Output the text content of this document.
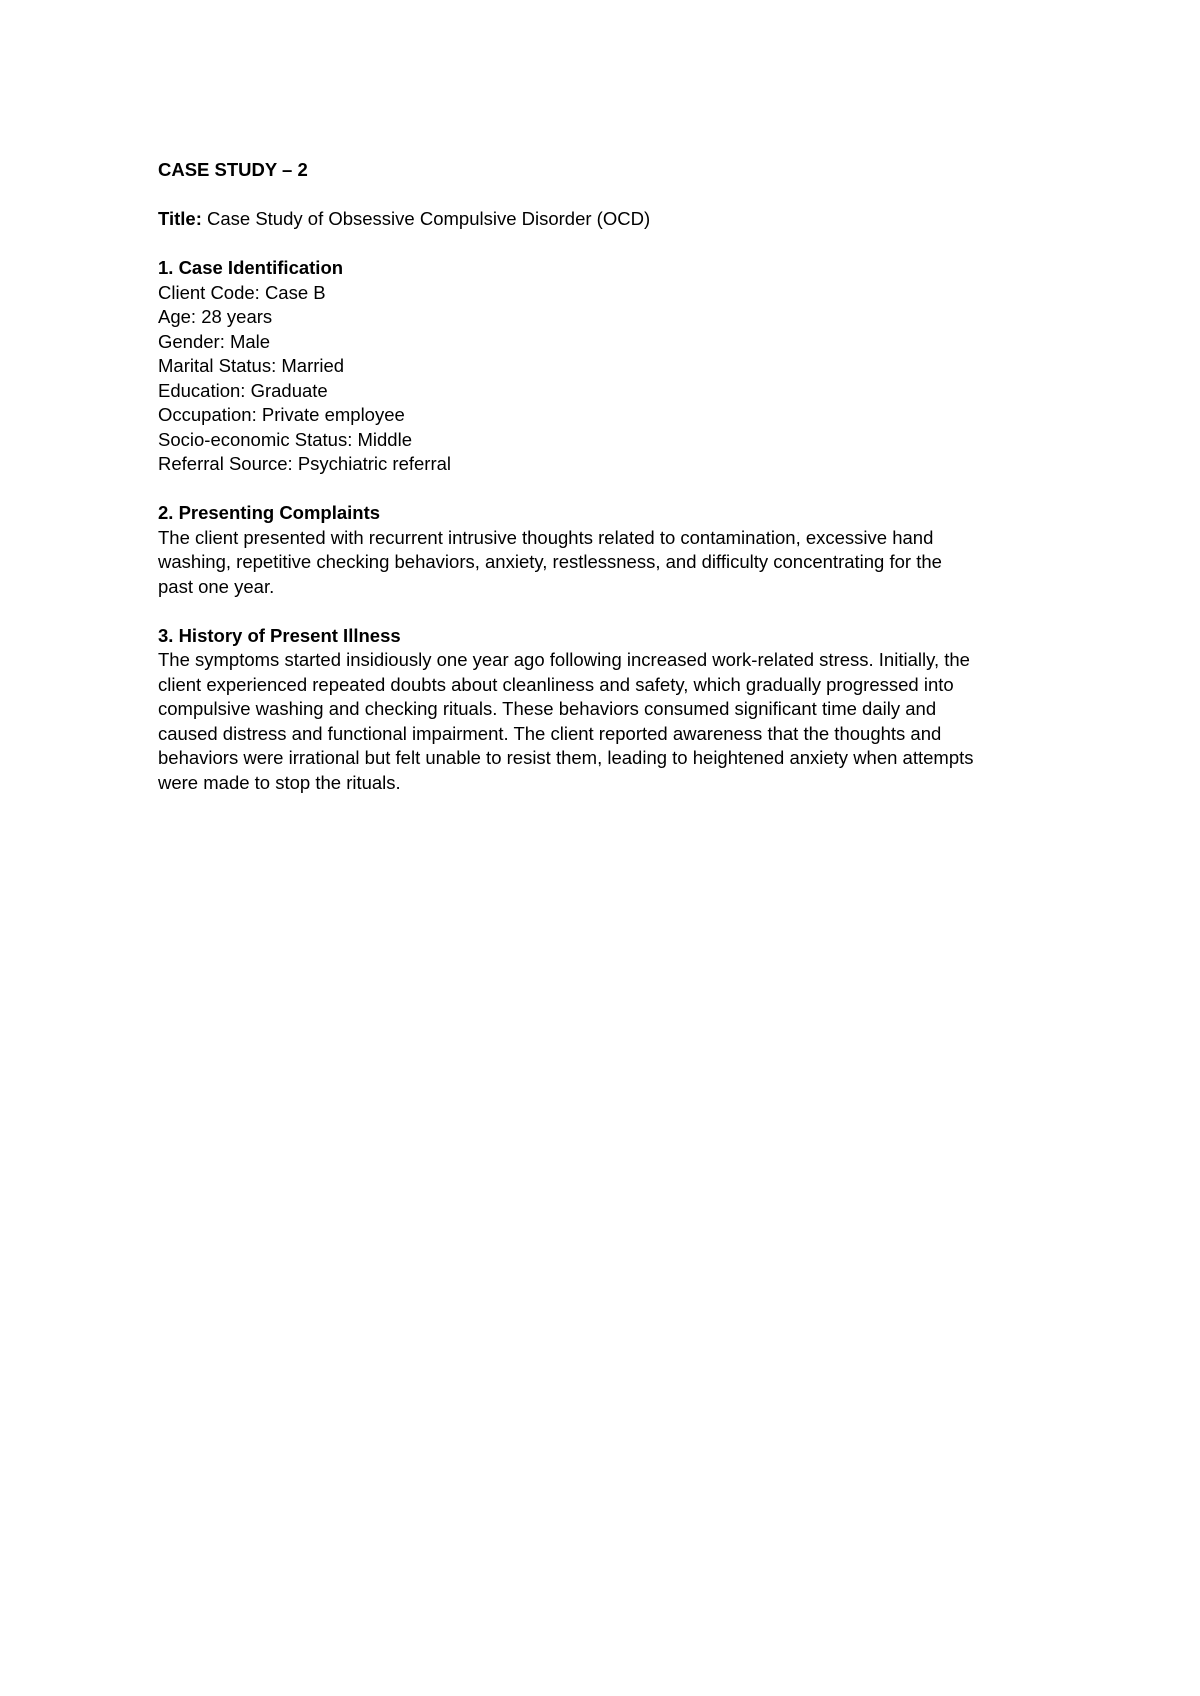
CASE STUDY – 2

Title: Case Study of Obsessive Compulsive Disorder (OCD)

1. Case Identification

Client Code: Case B

Age: 28 years

Gender: Male

Marital Status: Married

Education: Graduate

Occupation: Private employee

Socio-economic Status: Middle

Referral Source: Psychiatric referral

2. Presenting Complaints

The client presented with recurrent intrusive thoughts related to contamination, excessive hand

washing, repetitive checking behaviors, anxiety, restlessness, and difficulty concentrating for the

past one year.

3. History of Present Illness

The symptoms started insidiously one year ago following increased work-related stress. Initially, the

client experienced repeated doubts about cleanliness and safety, which gradually progressed into

compulsive washing and checking rituals. These behaviors consumed significant time daily and

caused distress and functional impairment. The client reported awareness that the thoughts and

behaviors were irrational but felt unable to resist them, leading to heightened anxiety when attempts

were made to stop the rituals.
